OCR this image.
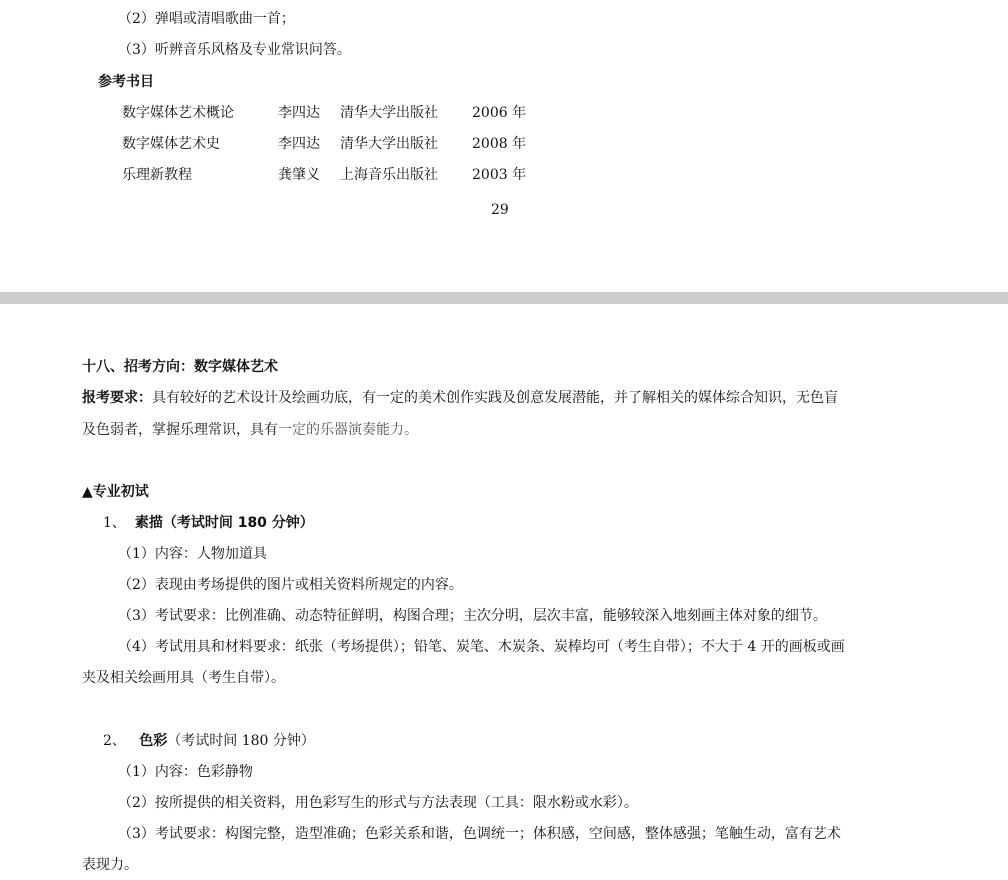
（2）弹唱或清唱歌曲一首；
（3）听辨音乐风格及专业常识问答。
参考书目
数字媒体艺术概论	李四达 清华大学出版社 2006 年
数字媒体艺术史	李四达 清华大学出版社 2008 年
乐理新教程	龚肇义 上海音乐出版社 2003 年
29
十八、招考方向：数字媒体艺术
报考要求：具有较好的艺术设计及绘画功底，有一定的美术创作实践及创意发展潜能，并了解相关的媒体综合知识，无色盲
及色弱者，掌握乐理常识，具有一定的乐器演奏能力。
▲专业初试
1、 素描（考试时间 180 分钟）
（1）内容：人物加道具
（2）表现由考场提供的图片或相关资料所规定的内容。
（3）考试要求：比例准确、动态特征鲜明，构图合理；主次分明，层次丰富，能够较深入地刻画主体对象的细节。
（4）考试用具和材料要求：纸张（考场提供）；铅笔、炭笔、木炭条、炭棒均可（考生自带）；不大于 4 开的画板或画
夹及相关绘画用具（考生自带）。
2、 色彩（考试时间 180 分钟）
（1）内容：色彩静物
（2）按所提供的相关资料，用色彩写生的形式与方法表现（工具：限水粉或水彩）。
（3）考试要求：构图完整，造型准确；色彩关系和谐，色调统一；体积感，空间感，整体感强；笔触生动，富有艺术
表现力。
